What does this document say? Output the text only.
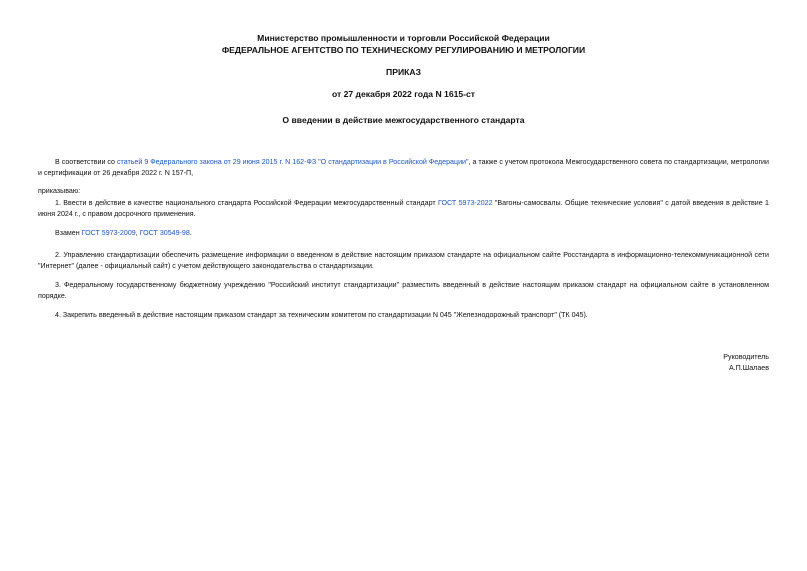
Министерство промышленности и торговли Российской Федерации
ФЕДЕРАЛЬНОЕ АГЕНТСТВО ПО ТЕХНИЧЕСКОМУ РЕГУЛИРОВАНИЮ И МЕТРОЛОГИИ
ПРИКАЗ
от 27 декабря 2022 года N 1615-ст
О введении в действие межгосударственного стандарта
В соответствии со статьей 9 Федерального закона от 29 июня 2015 г. N 162-ФЗ "О стандартизации в Российской Федерации", а также с учетом протокола Межгосударственного совета по стандартизации, метрологии и сертификации от 26 декабря 2022 г. N 157-П,
приказываю:
1. Ввести в действие в качестве национального стандарта Российской Федерации межгосударственный стандарт ГОСТ 5973-2022 "Вагоны-самосвалы. Общие технические условия" с датой введения в действие 1 июня 2024 г., с правом досрочного применения.
Взамен ГОСТ 5973-2009, ГОСТ 30549-98.
2. Управлению стандартизации обеспечить размещение информации о введенном в действие настоящим приказом стандарте на официальном сайте Росстандарта в информационно-телекоммуникационной сети "Интернет" (далее - официальный сайт) с учетом действующего законодательства о стандартизации.
3. Федеральному государственному бюджетному учреждению "Российский институт стандартизации" разместить введенный в действие настоящим приказом стандарт на официальном сайте в установленном порядке.
4. Закрепить введенный в действие настоящим приказом стандарт за техническим комитетом по стандартизации N 045 "Железнодорожный транспорт" (ТК 045).
Руководитель
А.П.Шалаев
